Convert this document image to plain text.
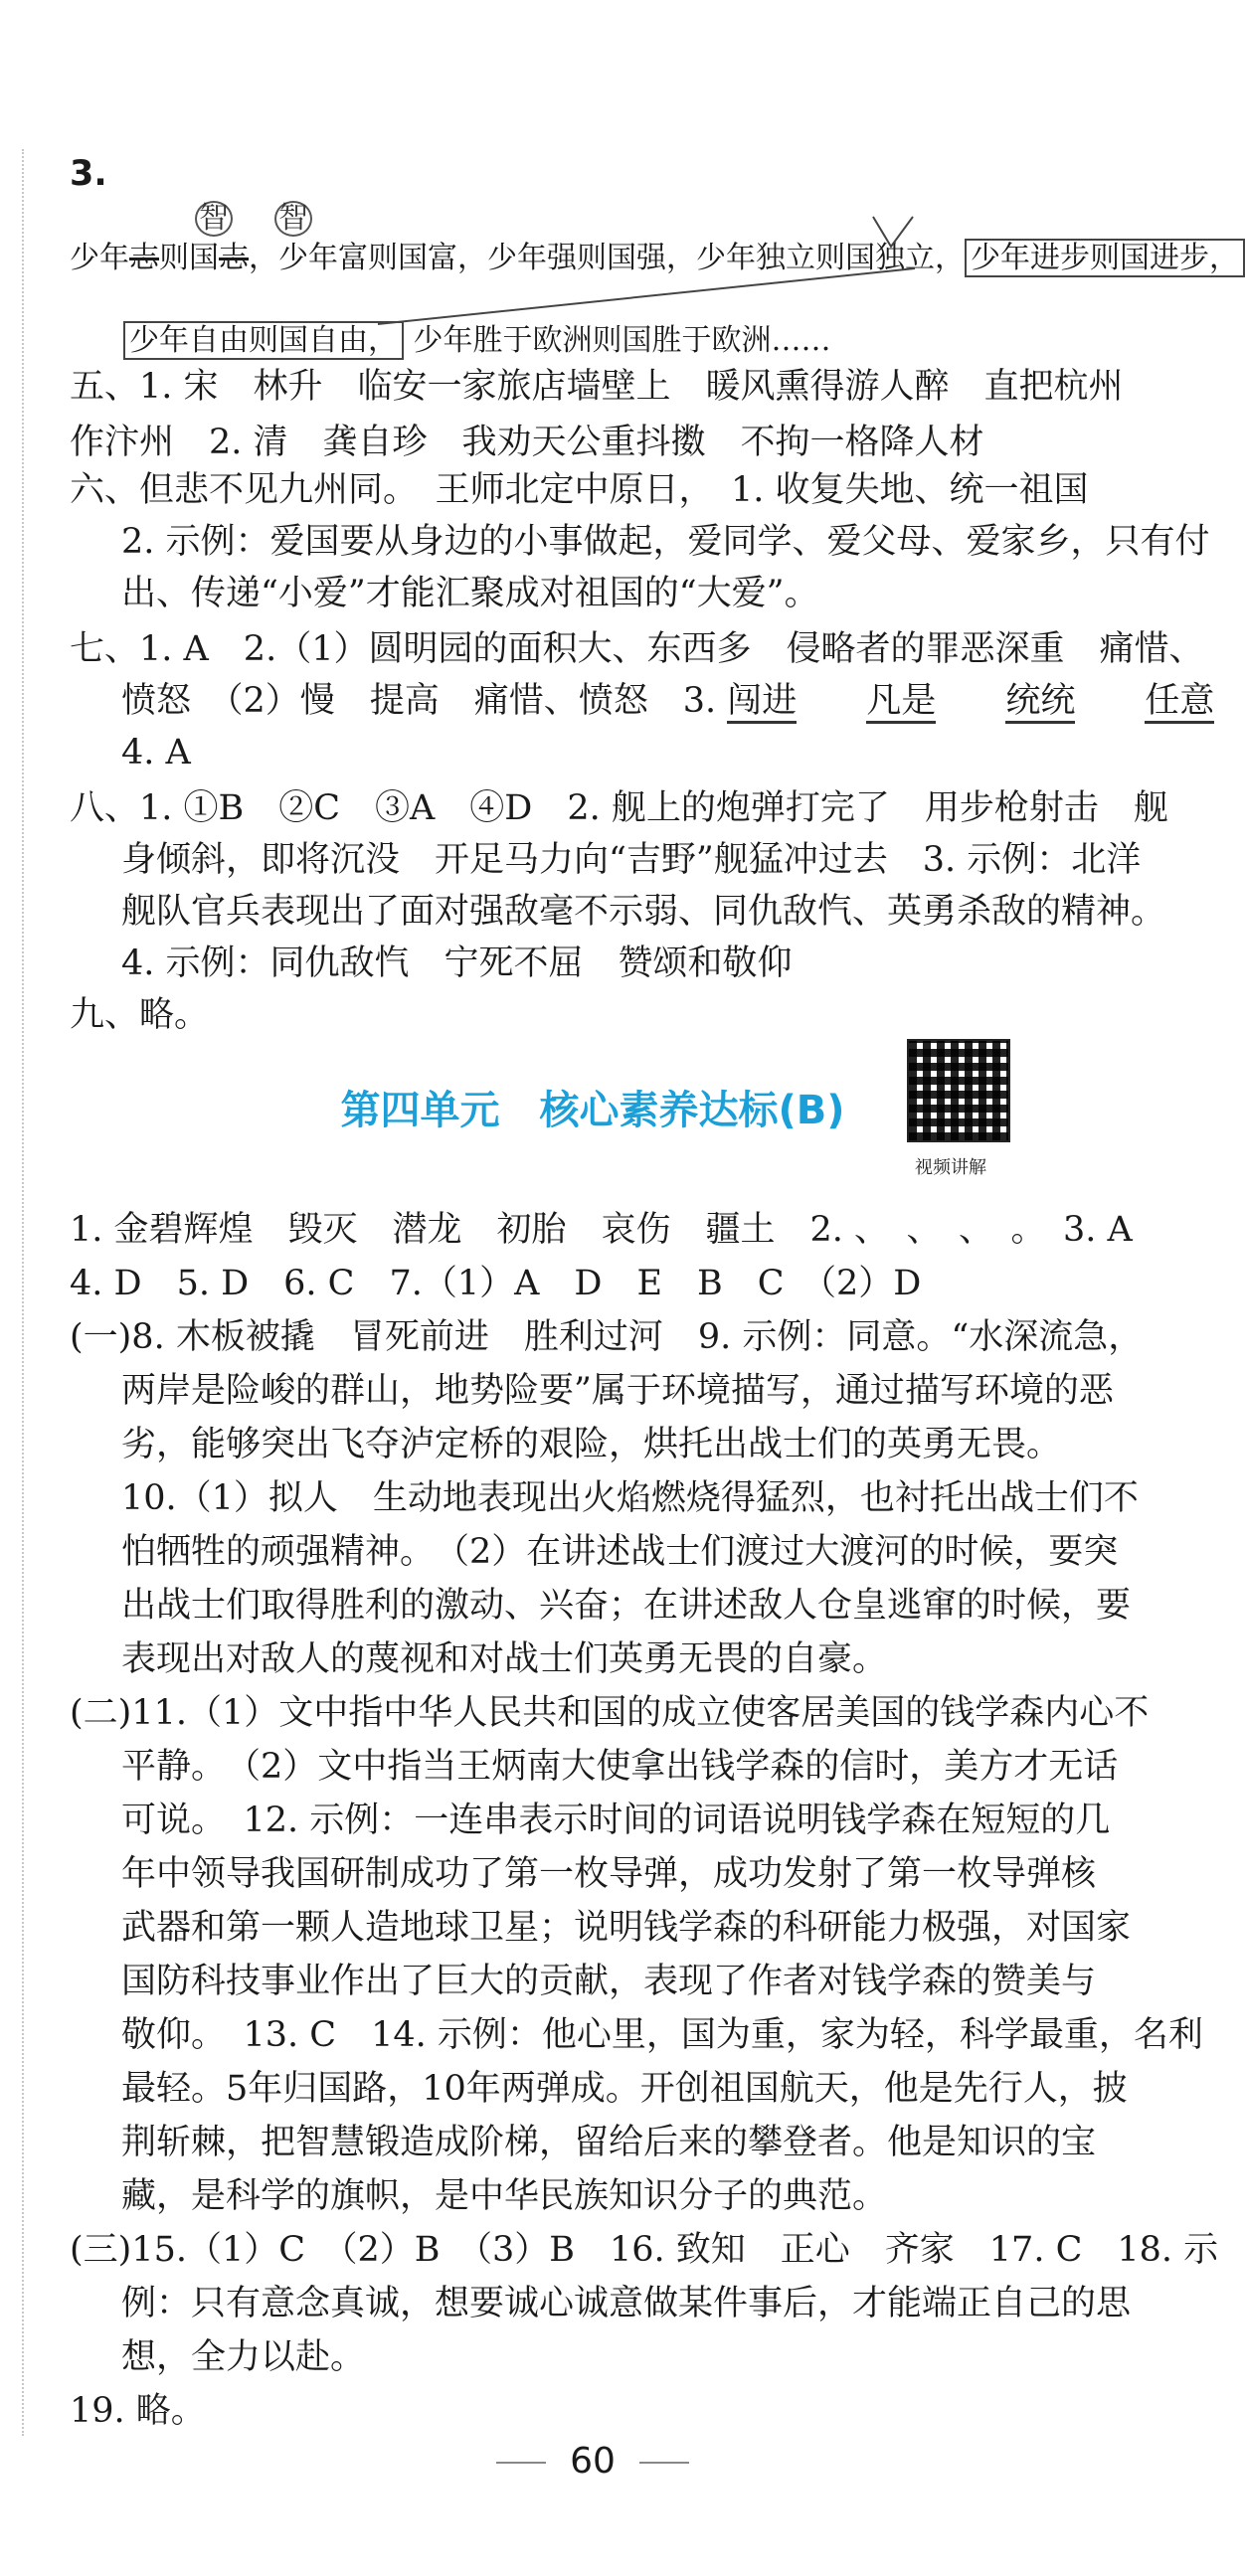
3.
智 智
少年志则国志，少年富则国富，少年强则国强，少年独立则国独立， 少年进步则国进步，
少年自由则国自由， 少年胜于欧洲则国胜于欧洲……
五、1. 宋　林升　临安一家旅店墙壁上　暖风熏得游人醉　直把杭州
作汴州　2. 清　龚自珍　我劝天公重抖擞　不拘一格降人材
六、但悲不见九州同。　王师北定中原日，　1. 收复失地、统一祖国
2. 示例：爱国要从身边的小事做起，爱同学、爱父母、爱家乡，只有付
出、传递“小爱”才能汇聚成对祖国的“大爱”。
七、1. A　2.（1）圆明园的面积大、东西多　侵略者的罪恶深重　痛惜、
愤怒　（2）慢　提高　痛惜、愤怒　3. 闯进　　 凡是　　 统统　　 任意
4. A
八、1. ①B　②C　③A　④D　2. 舰上的炮弹打完了　用步枪射击　舰
身倾斜，即将沉没　开足马力向“吉野”舰猛冲过去　3. 示例：北洋
舰队官兵表现出了面对强敌毫不示弱、同仇敌忾、英勇杀敌的精神。
4. 示例：同仇敌忾　宁死不屈　赞颂和敬仰
九、略。
第四单元　核心素养达标(B)
视频讲解
1. 金碧辉煌　毁灭　潜龙　初胎　哀伤　疆土　2. 、　、　、　。　3. A
4. D　5. D　6. C　7.（1）A　D　E　B　C　（2）D
(一)8. 木板被撬　冒死前进　胜利过河　9. 示例：同意。“水深流急，
两岸是险峻的群山，地势险要”属于环境描写，通过描写环境的恶
劣，能够突出飞夺泸定桥的艰险，烘托出战士们的英勇无畏。
10.（1）拟人　生动地表现出火焰燃烧得猛烈，也衬托出战士们不
怕牺牲的顽强精神。　（2）在讲述战士们渡过大渡河的时候，要突
出战士们取得胜利的激动、兴奋；在讲述敌人仓皇逃窜的时候，要
表现出对敌人的蔑视和对战士们英勇无畏的自豪。
(二)11.（1）文中指中华人民共和国的成立使客居美国的钱学森内心不
平静。　（2）文中指当王炳南大使拿出钱学森的信时，美方才无话
可说。　12. 示例：一连串表示时间的词语说明钱学森在短短的几
年中领导我国研制成功了第一枚导弹，成功发射了第一枚导弹核
武器和第一颗人造地球卫星；说明钱学森的科研能力极强，对国家
国防科技事业作出了巨大的贡献，表现了作者对钱学森的赞美与
敬仰。　13. C　14. 示例：他心里，国为重，家为轻，科学最重，名利
最轻。5年归国路，10年两弹成。开创祖国航天，他是先行人，披
荆斩棘，把智慧锻造成阶梯，留给后来的攀登者。他是知识的宝
藏，是科学的旗帜，是中华民族知识分子的典范。
(三)15.（1）C　（2）B　（3）B　16. 致知　正心　齐家　17. C　18. 示
例：只有意念真诚，想要诚心诚意做某件事后，才能端正自己的思
想，全力以赴。
19. 略。
60
